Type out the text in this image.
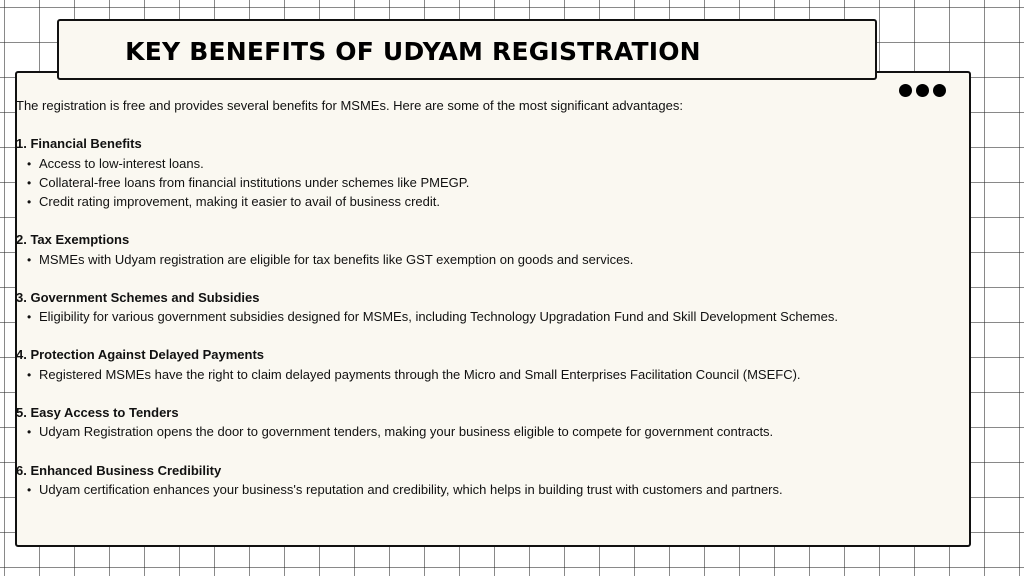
KEY BENEFITS OF UDYAM REGISTRATION
The registration is free and provides several benefits for MSMEs. Here are some of the most significant advantages:
1. Financial Benefits
• Access to low-interest loans.
• Collateral-free loans from financial institutions under schemes like PMEGP.
• Credit rating improvement, making it easier to avail of business credit.
2. Tax Exemptions
• MSMEs with Udyam registration are eligible for tax benefits like GST exemption on goods and services.
3. Government Schemes and Subsidies
• Eligibility for various government subsidies designed for MSMEs, including Technology Upgradation Fund and Skill Development Schemes.
4. Protection Against Delayed Payments
• Registered MSMEs have the right to claim delayed payments through the Micro and Small Enterprises Facilitation Council (MSEFC).
5. Easy Access to Tenders
• Udyam Registration opens the door to government tenders, making your business eligible to compete for government contracts.
6. Enhanced Business Credibility
• Udyam certification enhances your business's reputation and credibility, which helps in building trust with customers and partners.
